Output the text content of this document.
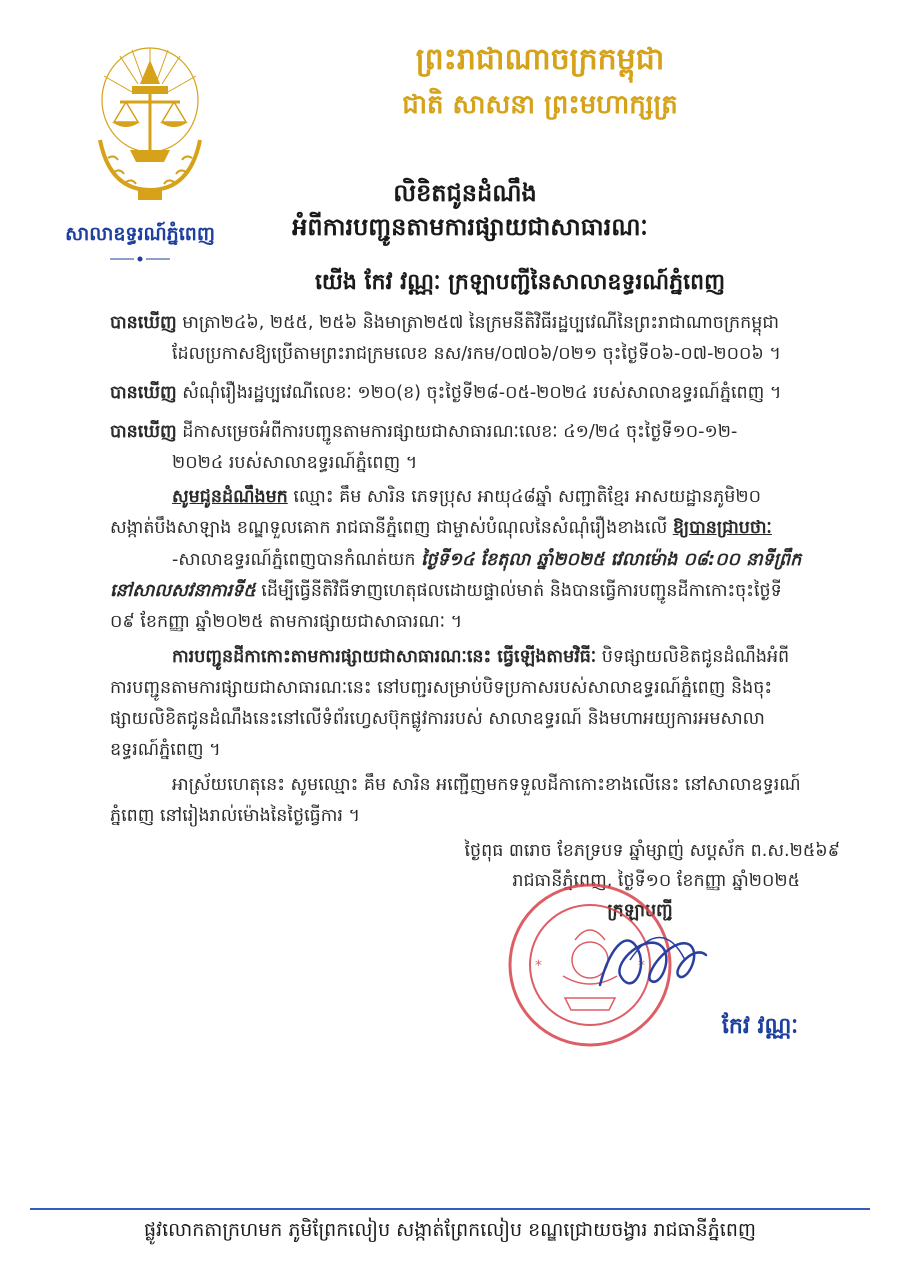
ព្រះរាជាណាចក្រកម្ពុជា
ជាតិ សាសនា ព្រះមហាក្សត្រ
សាលាឧទ្ធរណ៍ភ្នំពេញ
លិខិតជូនដំណឹង
អំពីការបញ្ជូនតាមការផ្សាយជាសាធារណៈ
យើង កែវ វណ្ណៈ ក្រឡាបញ្ជីនៃសាលាឧទ្ធរណ៍ភ្នំពេញ
បានឃើញ មាត្រា២៤៦, ២៥៥, ២៥៦ និងមាត្រា២៥៧ នៃក្រមនីតិវិធីរដ្ឋប្បវេណីនៃព្រះរាជាណាចក្រកម្ពុជា
ដែលប្រកាសឱ្យប្រើតាមព្រះរាជក្រមលេខ នស/រកម/០៧០៦/០២១ ចុះថ្ងៃទី០៦-០៧-២០០៦ ។
បានឃើញ សំណុំរឿងរដ្ឋប្បវេណីលេខៈ ១២០(ខ) ចុះថ្ងៃទី២៨-០៥-២០២៤ របស់សាលាឧទ្ធរណ៍ភ្នំពេញ ។
បានឃើញ ដីកាសម្រេចអំពីការបញ្ជូនតាមការផ្សាយជាសាធារណៈលេខៈ ៤១/២៤ ចុះថ្ងៃទី១០-១២-
២០២៤ របស់សាលាឧទ្ធរណ៍ភ្នំពេញ ។
សូមជូនដំណឹងមក ឈ្មោះ គឹម សារិន ភេទប្រុស អាយុ៤៨ឆ្នាំ សញ្ជាតិខ្មែរ អាសយដ្ឋានភូមិ២០
សង្កាត់បឹងសាឡាង ខណ្ឌទួលគោក រាជធានីភ្នំពេញ ជាម្ចាស់បំណុលនៃសំណុំរឿងខាងលើ ឱ្យបានជ្រាបថាៈ
-សាលាឧទ្ធរណ៍ភ្នំពេញបានកំណត់យក ថ្ងៃទី១៤ ខែតុលា ឆ្នាំ២០២៥ វេលាម៉ោង ០៨:០០ នាទីព្រឹក
នៅសាលសវនាការទី៥ ដើម្បីធ្វើនីតិវិធីទាញហេតុផលដោយផ្ទាល់មាត់ និងបានធ្វើការបញ្ជូនដីកាកោះចុះថ្ងៃទី
០៩ ខែកញ្ញា ឆ្នាំ២០២៥ តាមការផ្សាយជាសាធារណៈ ។
ការបញ្ជូនដីកាកោះតាមការផ្សាយជាសាធារណៈនេះ ធ្វើឡើងតាមវិធីៈ បិទផ្សាយលិខិតជូនដំណឹងអំពី
ការបញ្ជូនតាមការផ្សាយជាសាធារណៈនេះ នៅបញ្ជរសម្រាប់បិទប្រកាសរបស់សាលាឧទ្ធរណ៍ភ្នំពេញ និងចុះ
ផ្សាយលិខិតជូនដំណឹងនេះនៅលើទំព័រហ្វេសប៊ុកផ្លូវការរបស់ សាលាឧទ្ធរណ៍ និងមហាអយ្យការអមសាលា
ឧទ្ធរណ៍ភ្នំពេញ ។
អាស្រ័យហេតុនេះ សូមឈ្មោះ គឹម សារិន អញ្ជើញមកទទួលដីកាកោះខាងលើនេះ នៅសាលាឧទ្ធរណ៍
ភ្នំពេញ នៅរៀងរាល់ម៉ោងនៃថ្ងៃធ្វើការ ។
ថ្ងៃពុធ ៣រោច ខែភទ្របទ ឆ្នាំម្សាញ់ សប្តស័ក ព.ស.២៥៦៩
រាជធានីភ្នំពេញ, ថ្ងៃទី១០ ខែកញ្ញា ឆ្នាំ២០២៥
ក្រឡាបញ្ជី
*	*
កែវ វណ្ណៈ
ផ្លូវលោកតាក្រហមក ភូមិព្រែកលៀប សង្កាត់ព្រែកលៀប ខណ្ឌជ្រោយចង្វារ រាជធានីភ្នំពេញ
